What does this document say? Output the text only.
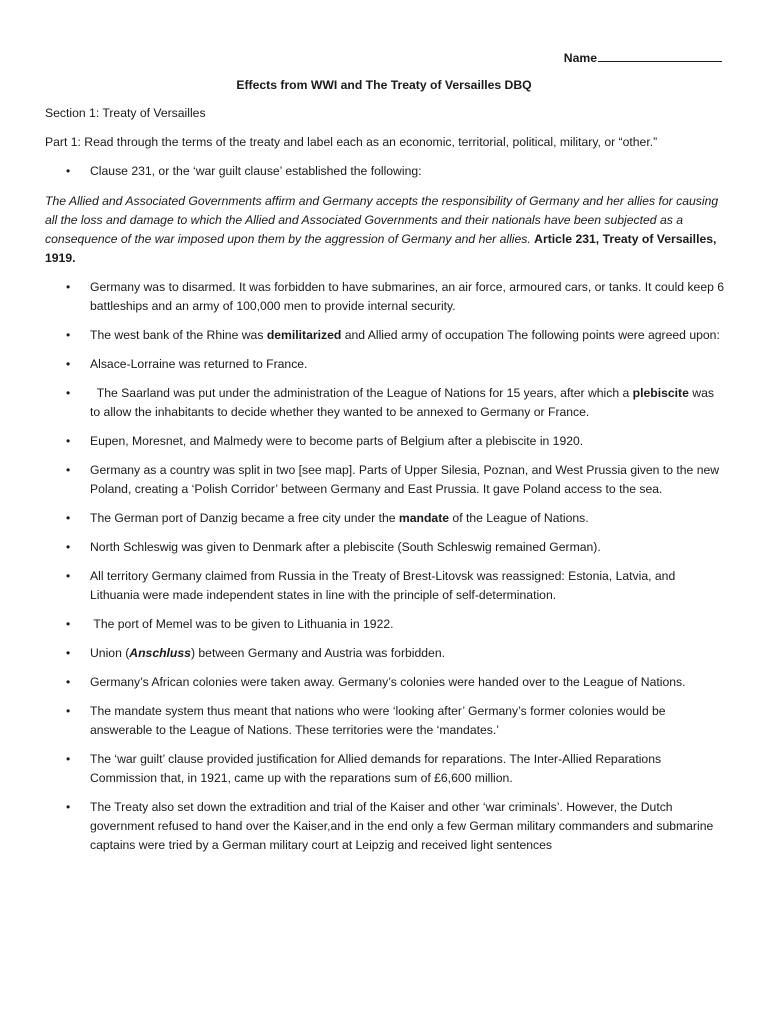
Name
Effects from WWI and The Treaty of Versailles DBQ

Section 1: Treaty of Versailles

Part 1: Read through the terms of the treaty and label each as an economic, territorial, political, military, or “other.”

• Clause 231, or the ‘war guilt clause’ established the following:

The Allied and Associated Governments affirm and Germany accepts the responsibility of Germany and her allies for causing all the loss and damage to which the Allied and Associated Governments and their nationals have been subjected as a consequence of the war imposed upon them by the aggression of Germany and her allies. Article 231, Treaty of Versailles, 1919.

• Germany was to disarmed. It was forbidden to have submarines, an air force, armoured cars, or tanks. It could keep 6 battleships and an army of 100,000 men to provide internal security.
• The west bank of the Rhine was demilitarized and Allied army of occupation The following points were agreed upon:
• Alsace-Lorraine was returned to France.
• The Saarland was put under the administration of the League of Nations for 15 years, after which a plebiscite was to allow the inhabitants to decide whether they wanted to be annexed to Germany or France.
• Eupen, Moresnet, and Malmedy were to become parts of Belgium after a plebiscite in 1920.
• Germany as a country was split in two [see map]. Parts of Upper Silesia, Poznan, and West Prussia given to the new Poland, creating a ‘Polish Corridor’ between Germany and East Prussia. It gave Poland access to the sea.
• The German port of Danzig became a free city under the mandate of the League of Nations.
• North Schleswig was given to Denmark after a plebiscite (South Schleswig remained German).
• All territory Germany claimed from Russia in the Treaty of Brest-Litovsk was reassigned: Estonia, Latvia, and Lithuania were made independent states in line with the principle of self-determination.
• The port of Memel was to be given to Lithuania in 1922.
• Union (Anschluss) between Germany and Austria was forbidden.
• Germany’s African colonies were taken away. Germany’s colonies were handed over to the League of Nations.
• The mandate system thus meant that nations who were ‘looking after’ Germany’s former colonies would be answerable to the League of Nations. These territories were the ‘mandates.’
• The ‘war guilt’ clause provided justification for Allied demands for reparations. The Inter-Allied Reparations Commission that, in 1921, came up with the reparations sum of £6,600 million.
• The Treaty also set down the extradition and trial of the Kaiser and other ‘war criminals’. However, the Dutch government refused to hand over the Kaiser,and in the end only a few German military commanders and submarine captains were tried by a German military court at Leipzig and received light sentences
